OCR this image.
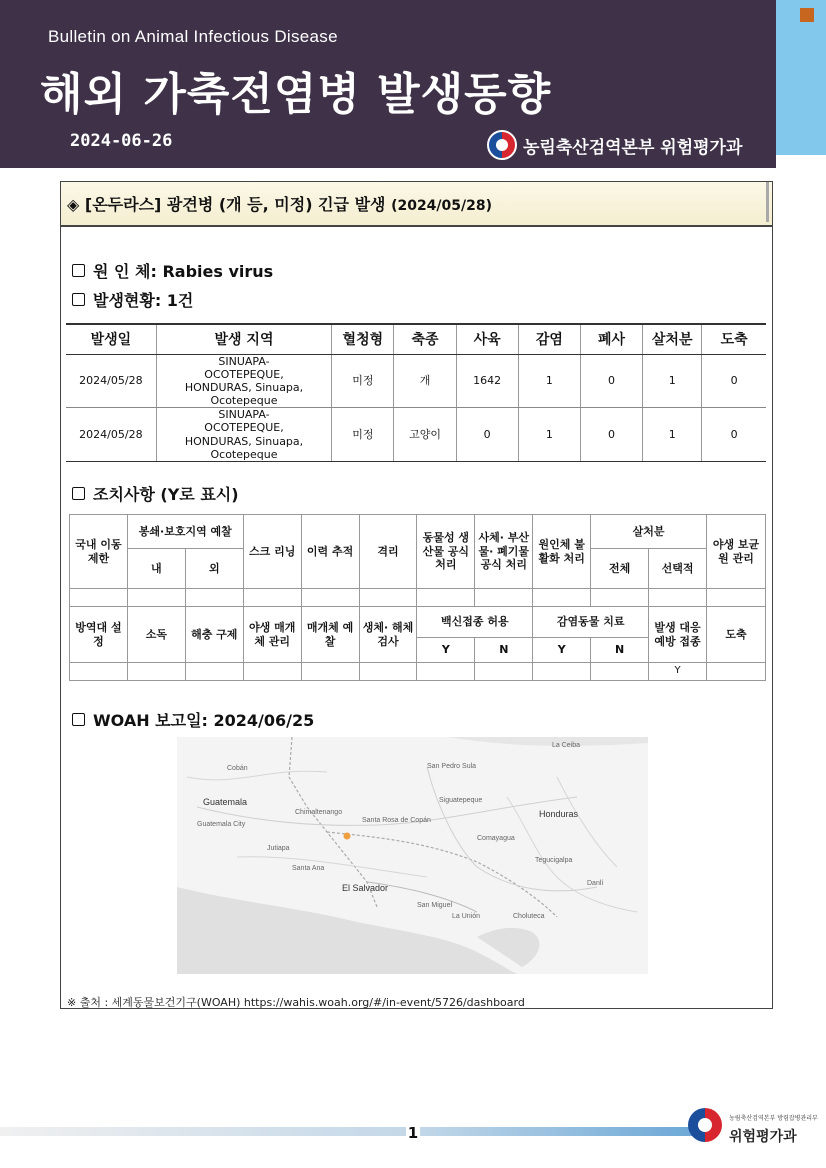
Bulletin on Animal Infectious Disease
해외 가축전염병 발생동향
2024-06-26	농림축산검역본부 위험평가과
◈ [온두라스] 광견병 (개 등, 미정) 긴급 발생 (2024/05/28)
원 인 체: Rabies virus
발생현황: 1건
발생일	발생 지역	혈청형	축종	사육	감염	폐사	살처분	도축
2024/05/28	SINUAPA-OCOTEPEQUE, HONDURAS, Sinuapa, Ocotepeque	미정	개	1642	1	0	1	0
2024/05/28	SINUAPA-OCOTEPEQUE, HONDURAS, Sinuapa, Ocotepeque	미정	고양이	0	1	0	1	0
조치사항 (Y로 표시)
국내 이동 제한	봉쇄·보호지역 예찰		스크 리닝	이력 추적	격리	동물성 생산물 공식 처리	사체· 부산물· 폐기물 공식 처리	원인체 불활화 처리	살처분		야생 보균원 관리
	내	외							전체	선택적	

방역대 설정	소독	해충 구제	야생 매개체 관리	매개체 예찰	생체· 해체 검사	백신접종 허용		감염동물 치료		발생 대응 예방 접종	도축
						Y	N	Y	N		
										Y	
WOAH 보고일: 2024/06/25
Cobán	San Pedro Sula
La Ceiba
Guatemala
Guatemala City
Chimaltenango	Honduras
Jutiapa
Santa Ana
Santa Rosa de Copán
Comayagua
Siguatepeque
El Salvador
Tegucigalpa
Danlí
San Miguel
La Unión	Choluteca
※ 출처 : 세계동물보건기구(WOAH) https://wahis.woah.org/#/in-event/5726/dashboard
1
농림축산검역본부 방렴잡병관리부
위험평가과
